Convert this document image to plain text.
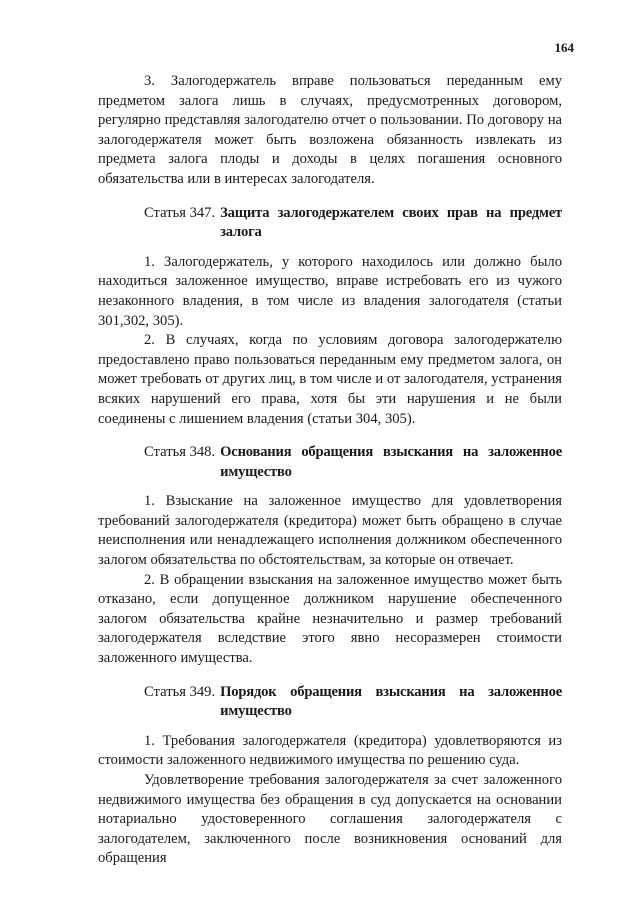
164

3. Залогодержатель вправе пользоваться переданным ему предметом залога лишь в случаях, предусмотренных договором, регулярно представляя залогодателю отчет о пользовании. По договору на залогодержателя может быть возложена обязанность извлекать из предмета залога плоды и доходы в целях погашения основного обязательства или в интересах залогодателя.

Статья 347. Защита залогодержателем своих прав на предмет залога

1. Залогодержатель, у которого находилось или должно было находиться заложенное имущество, вправе истребовать его из чужого незаконного владения, в том числе из владения залогодателя (статьи 301,302, 305).

2. В случаях, когда по условиям договора залогодержателю предоставлено право пользоваться переданным ему предметом залога, он может требовать от других лиц, в том числе и от залогодателя, устранения всяких нарушений его права, хотя бы эти нарушения и не были соединены с лишением владения (статьи 304, 305).

Статья 348. Основания обращения взыскания на заложенное имущество

1. Взыскание на заложенное имущество для удовлетворения требований залогодержателя (кредитора) может быть обращено в случае неисполнения или ненадлежащего исполнения должником обеспеченного залогом обязательства по обстоятельствам, за которые он отвечает.

2. В обращении взыскания на заложенное имущество может быть отказано, если допущенное должником нарушение обеспеченного залогом обязательства крайне незначительно и размер требований залогодержателя вследствие этого явно несоразмерен стоимости заложенного имущества.

Статья 349. Порядок обращения взыскания на заложенное имущество

1. Требования залогодержателя (кредитора) удовлетворяются из стоимости заложенного недвижимого имущества по решению суда.

Удовлетворение требования залогодержателя за счет заложенного недвижимого имущества без обращения в суд допускается на основании нотариально удостоверенного соглашения залогодержателя с залогодателем, заключенного после возникновения оснований для обращения
